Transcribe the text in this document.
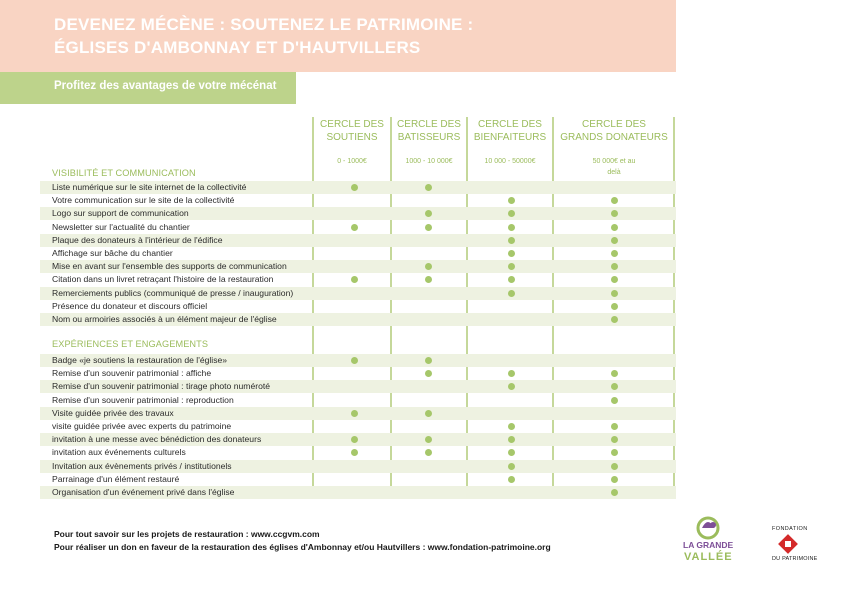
DEVENEZ MÉCÈNE : SOUTENEZ LE PATRIMOINE :
ÉGLISES D'AMBONNAY ET D'HAUTVILLERS
Profitez des avantages de votre mécénat
CERCLE DES
SOUTIENS
0 - 1000€
CERCLE DES
BATISSEURS
1000 - 10 000€
CERCLE DES
BIENFAITEURS
10 000 - 50000€
CERCLE DES
GRANDS DONATEURS
50 000€ et au
delà
VISIBILITÉ ET COMMUNICATION
Liste numérique sur le site internet de la collectivité
Votre communication sur le site de la collectivité
Logo sur support de communication
Newsletter sur l'actualité du chantier
Plaque des donateurs à l'intérieur de l'édifice
Affichage sur bâche du chantier
Mise en avant sur l'ensemble des supports de communication
Citation dans un livret retraçant l'histoire de la restauration
Remerciements publics (communiqué de presse / inauguration)
Présence du donateur et discours officiel
Nom ou armoiries associés à un élément majeur de l'église
EXPÉRIENCES ET ENGAGEMENTS
Badge «je soutiens la restauration de l'église»
Remise d'un souvenir patrimonial : affiche
Remise d'un souvenir patrimonial : tirage photo numéroté
Remise d'un souvenir patrimonial : reproduction
Visite guidée privée des travaux
visite guidée privée avec experts du patrimoine
invitation à une messe avec bénédiction des donateurs
invitation aux événements culturels
Invitation aux évènements privés / institutionels
Parrainage d'un élément restauré
Organisation d'un événement privé dans l'église
Pour tout savoir sur les projets de restauration : www.ccgvm.com
Pour réaliser un don en faveur de la restauration des églises d'Ambonnay et/ou Hautvillers : www.fondation-patrimoine.org	LA GRANDE
VALLÉE
FONDATION
DU PATRIMOINE
